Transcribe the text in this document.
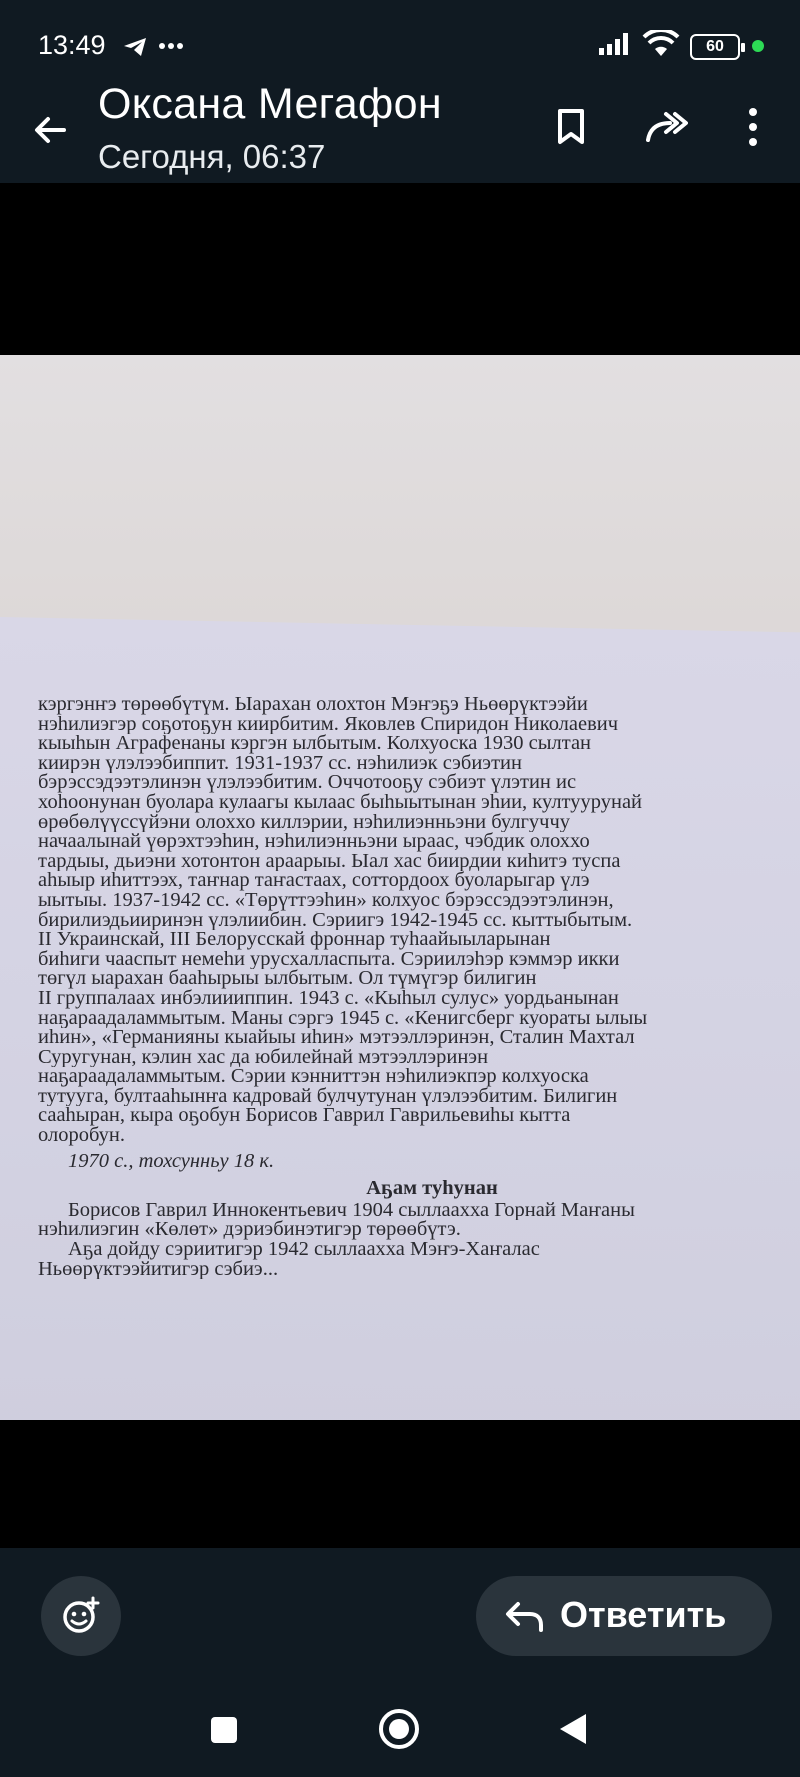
13:49	60
Оксана Мегафон
Сегодня, 06:37
кэргэнҥэ төрөөбүтүм. Ыарахан олохтон Мэҥэҕэ Ньөөрүктээйи
нэһилиэгэр соҕотоҕун киирбитим. Яковлев Спиридон Николаевич
кыыһын Аграфенаны кэргэн ылбытым. Колхуоска 1930 сылтан
киирэн үлэлээбиппит. 1931-1937 сс. нэһилиэк сэбиэтин
бэрэссэдээтэлинэн үлэлээбитим. Оччотооҕу сэбиэт үлэтин ис
хоһоонунан буолара кулаагы кылаас быһыытынан эһии, култуурунай
өрөбөлүүссүйэни олоххо киллэрии, нэһилиэнньэни булгуччу
начаалынай үөрэхтээһин, нэһилиэнньэни ыраас, чэбдик олоххо
тардыы, дьиэни хотонтон араарыы. Ыал хас биирдии киһитэ туспа
аһыыр иһиттээх, таҥнар таҥастаах, соттордоох буоларыгар үлэ
ыытыы. 1937-1942 сс. «Төрүттээһин» колхуос бэрэссэдээтэлинэн,
бирилиэдьииринэн үлэлиибин. Сэриигэ 1942-1945 сс. кыттыбытым.
II Украинскай, III Белорусскай фроннар туһаайыыларынан
биһиги чааспыт немеһи урусхалласпыта. Сэриилэһэр кэммэр икки
төгүл ыарахан бааһырыы ылбытым. Ол түмүгэр билигин
II группалаах инбэлиииппин. 1943 с. «Кыһыл сулус» уордьанынан
наҕараадаламмытым. Маны сэргэ 1945 с. «Кенигсберг куораты ылыы
иһин», «Германияны кыайыы иһин» мэтээллэринэн, Сталин Махтал
Суругунан, кэлин хас да юбилейнай мэтээллэринэн
наҕараадаламмытым. Сэрии кэнниттэн нэһилиэкпэр колхуоска
тутууга, бултааһынҥа кадровай булчутунан үлэлээбитим. Билигин
сааһыран, кыра оҕобун Борисов Гаврил Гаврильевиһы кытта
олоробун.
1970 с., тохсунньу 18 к.
Аҕам туһунан
Борисов Гаврил Иннокентьевич 1904 сыллаахха Горнай Маҥаны
нэһилиэгин «Көлөт» дэриэбинэтигэр төрөөбүтэ.
Аҕа дойду сэриитигэр 1942 сыллаахха Мэҥэ-Хаҥалас
Ньөөрүктээйитигэр сэбиэ...
Ответить
